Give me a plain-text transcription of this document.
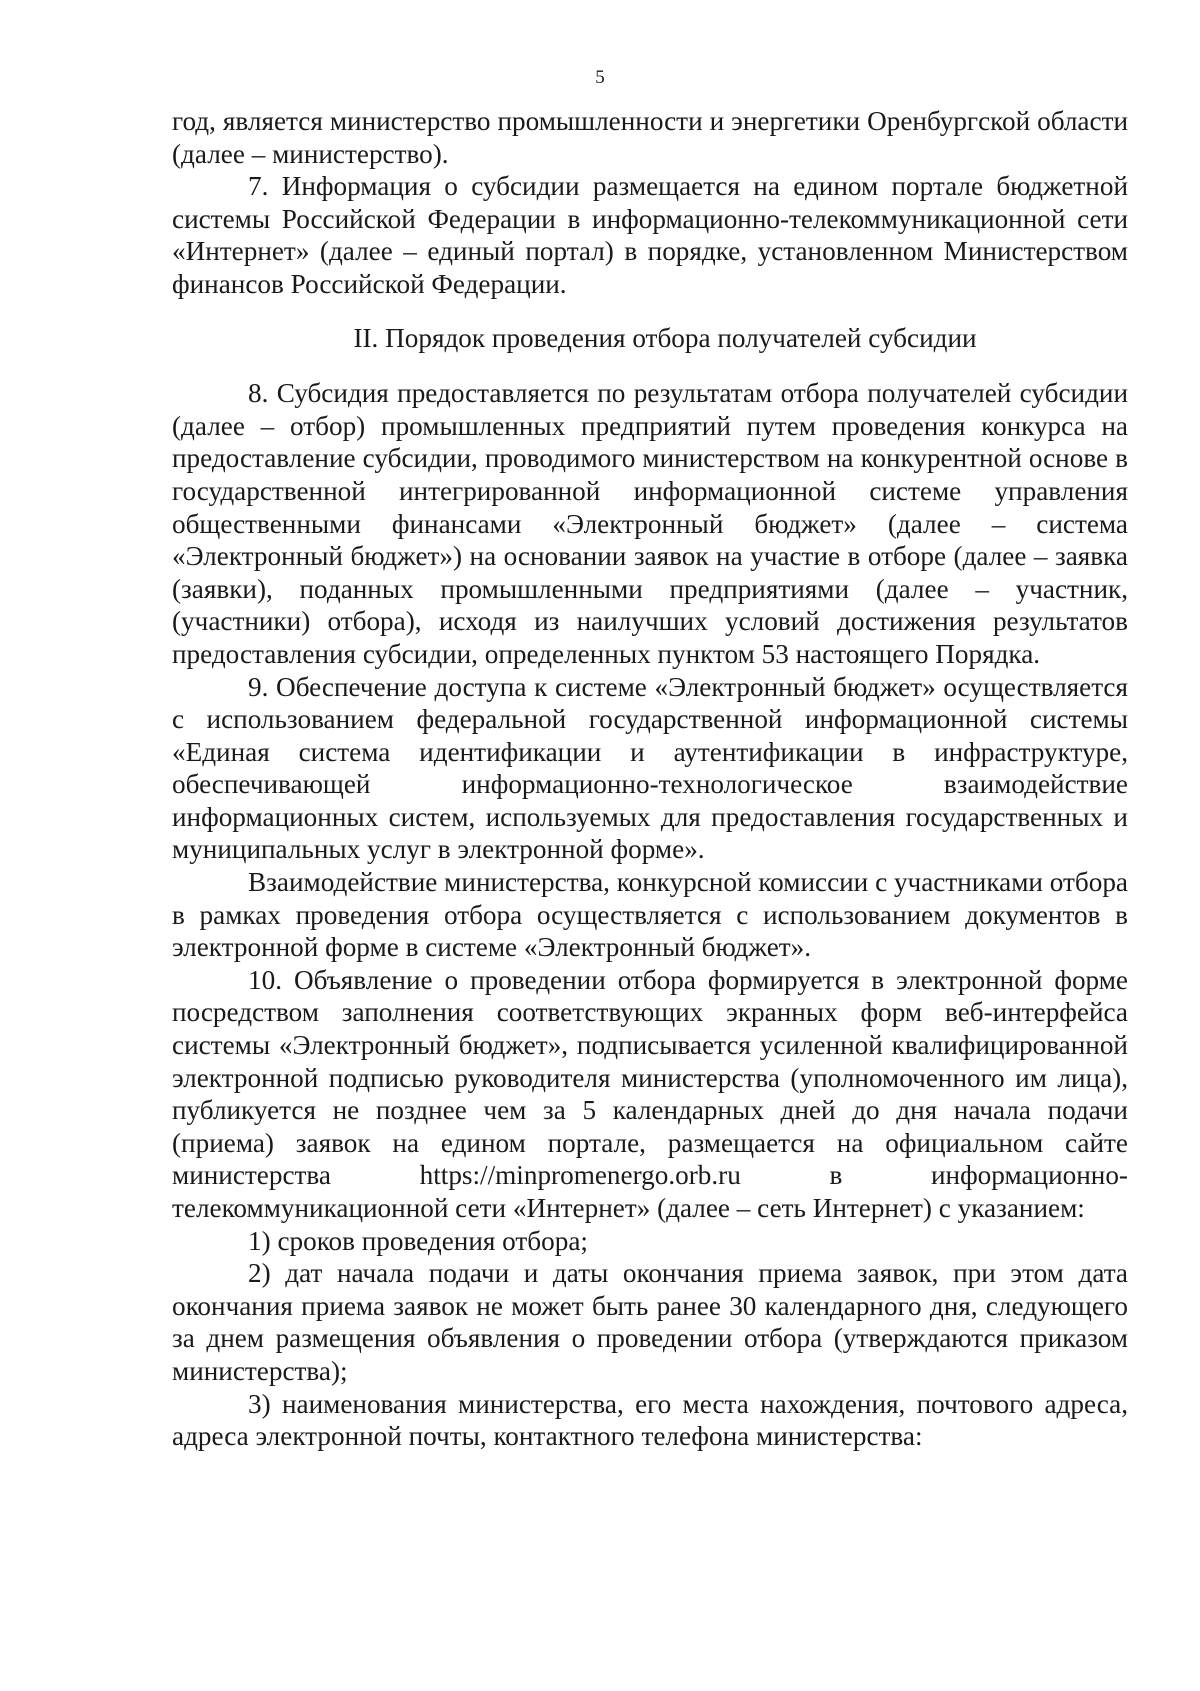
5

год, является министерство промышленности и энергетики Оренбургской области (далее – министерство).

7. Информация о субсидии размещается на едином портале бюджетной системы Российской Федерации в информационно-телекоммуникационной сети «Интернет» (далее – единый портал) в порядке, установленном Министерством финансов Российской Федерации.

II. Порядок проведения отбора получателей субсидии

8. Субсидия предоставляется по результатам отбора получателей субсидии (далее – отбор) промышленных предприятий путем проведения конкурса на предоставление субсидии, проводимого министерством на конкурентной основе в государственной интегрированной информационной системе управления общественными финансами «Электронный бюджет» (далее – система «Электронный бюджет») на основании заявок на участие в отборе (далее – заявка (заявки), поданных промышленными предприятиями (далее – участник, (участники) отбора), исходя из наилучших условий достижения результатов предоставления субсидии, определенных пунктом 53 настоящего Порядка.

9. Обеспечение доступа к системе «Электронный бюджет» осуществляется с использованием федеральной государственной информационной системы «Единая система идентификации и аутентификации в инфраструктуре, обеспечивающей информационно-технологическое взаимодействие информационных систем, используемых для предоставления государственных и муниципальных услуг в электронной форме».

Взаимодействие министерства, конкурсной комиссии с участниками отбора в рамках проведения отбора осуществляется с использованием документов в электронной форме в системе «Электронный бюджет».

10. Объявление о проведении отбора формируется в электронной форме посредством заполнения соответствующих экранных форм веб-интерфейса системы «Электронный бюджет», подписывается усиленной квалифицированной электронной подписью руководителя министерства (уполномоченного им лица), публикуется не позднее чем за 5 календарных дней до дня начала подачи (приема) заявок на едином портале, размещается на официальном сайте министерства https://minpromenergo.orb.ru в информационно-телекоммуникационной сети «Интернет» (далее – сеть Интернет) с указанием:

1) сроков проведения отбора;

2) дат начала подачи и даты окончания приема заявок, при этом дата окончания приема заявок не может быть ранее 30 календарного дня, следующего за днем размещения объявления о проведении отбора (утверждаются приказом министерства);

3) наименования министерства, его места нахождения, почтового адреса, адреса электронной почты, контактного телефона министерства:
